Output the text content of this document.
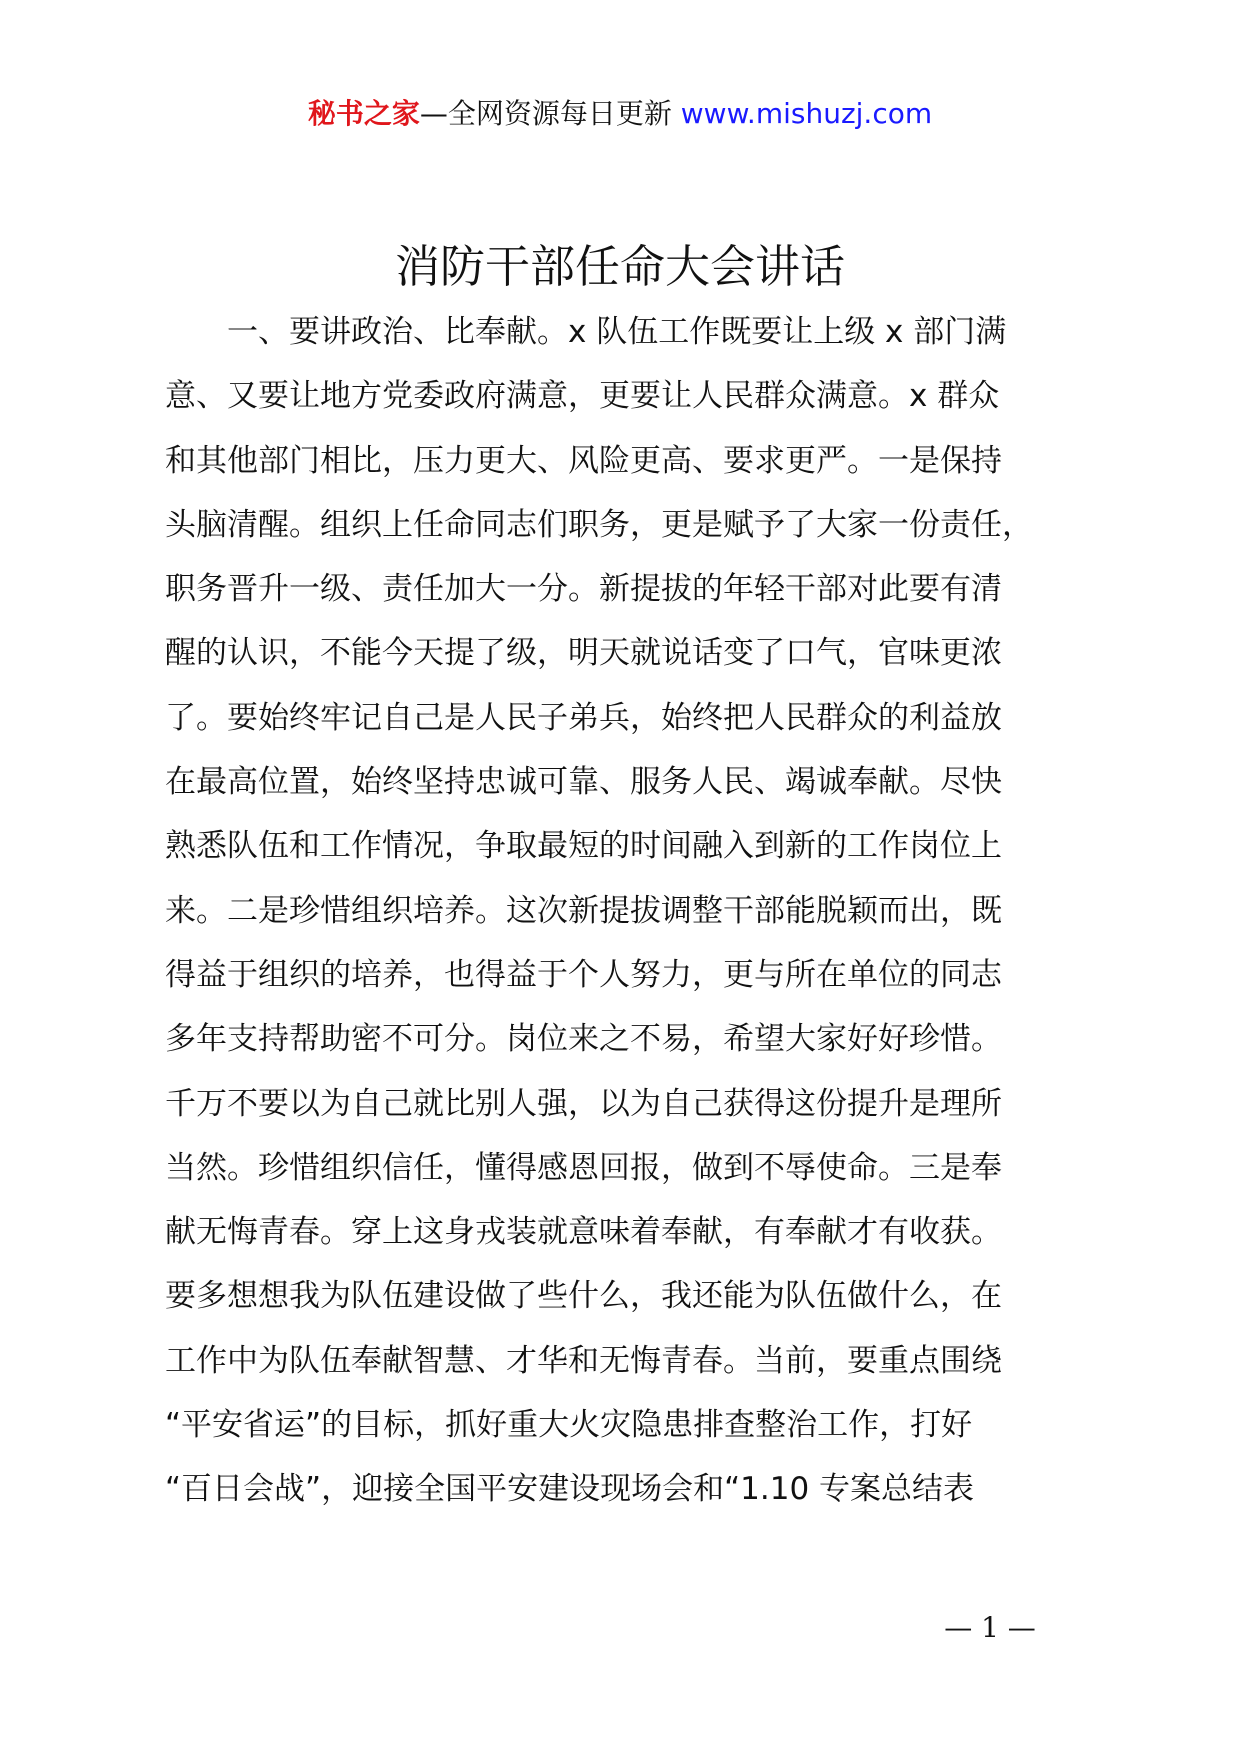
秘书之家—全网资源每日更新 www.mishuzj.com
消防干部任命大会讲话
　　一、要讲政治、比奉献。x 队伍工作既要让上级 x 部门满
意、又要让地方党委政府满意，更要让人民群众满意。x 群众
和其他部门相比，压力更大、风险更高、要求更严。一是保持
头脑清醒。组织上任命同志们职务，更是赋予了大家一份责任，
职务晋升一级、责任加大一分。新提拔的年轻干部对此要有清
醒的认识，不能今天提了级，明天就说话变了口气，官味更浓
了。要始终牢记自己是人民子弟兵，始终把人民群众的利益放
在最高位置，始终坚持忠诚可靠、服务人民、竭诚奉献。尽快
熟悉队伍和工作情况，争取最短的时间融入到新的工作岗位上
来。二是珍惜组织培养。这次新提拔调整干部能脱颖而出，既
得益于组织的培养，也得益于个人努力，更与所在单位的同志
多年支持帮助密不可分。岗位来之不易，希望大家好好珍惜。
千万不要以为自己就比别人强，以为自己获得这份提升是理所
当然。珍惜组织信任，懂得感恩回报，做到不辱使命。三是奉
献无悔青春。穿上这身戎装就意味着奉献，有奉献才有收获。
要多想想我为队伍建设做了些什么，我还能为队伍做什么，在
工作中为队伍奉献智慧、才华和无悔青春。当前，要重点围绕
“平安省运”的目标，抓好重大火灾隐患排查整治工作，打好
“百日会战”，迎接全国平安建设现场会和“1.10 专案总结表
— 1 —
